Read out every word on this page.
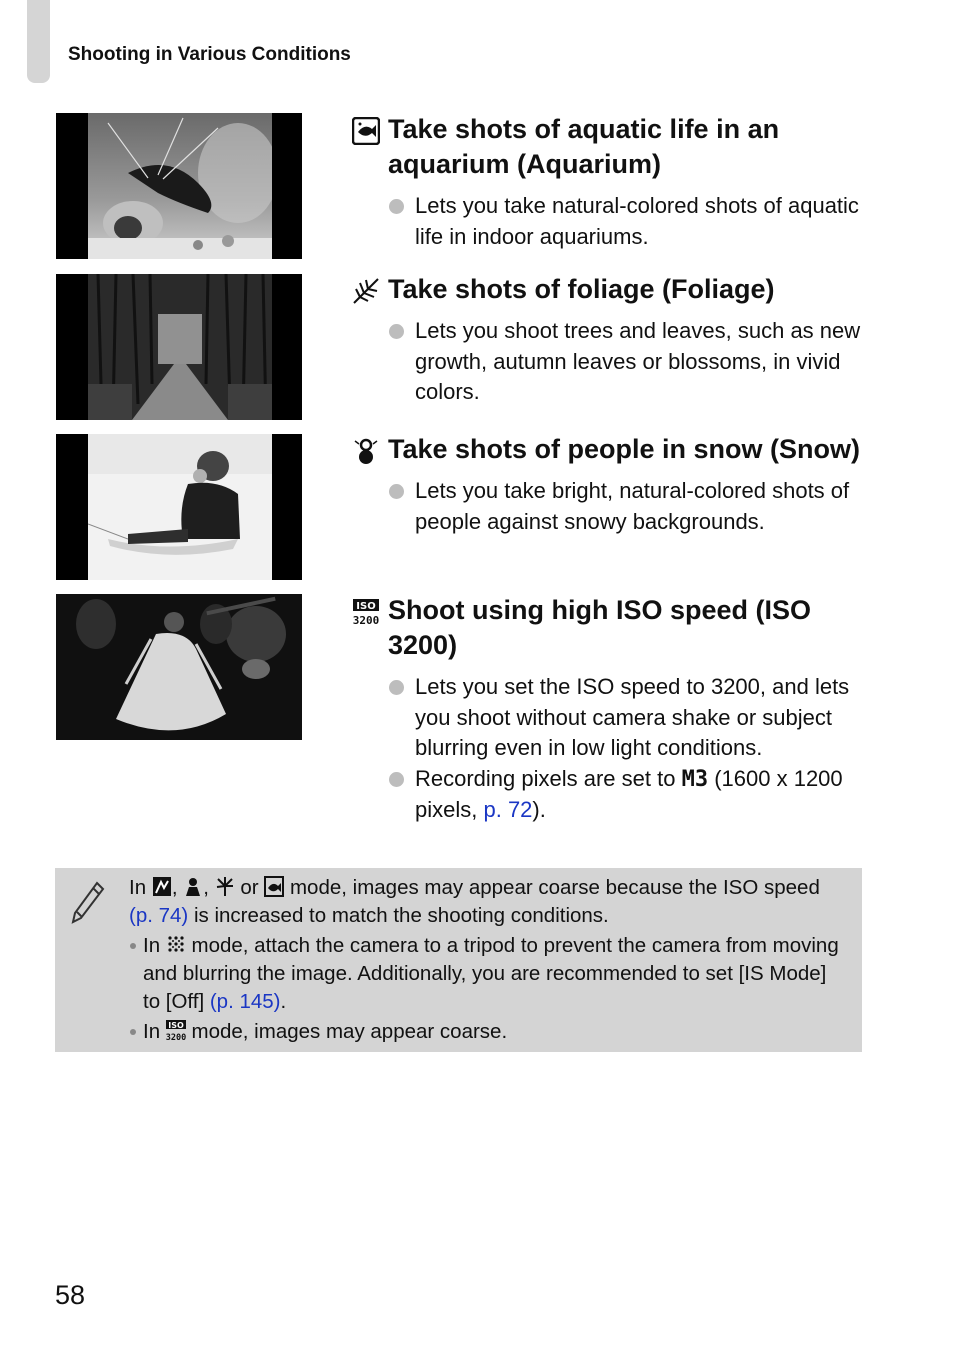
Shooting in Various Conditions
Take shots of aquatic life in an aquarium (Aquarium)
Lets you take natural-colored shots of aquatic life in indoor aquariums.
Take shots of foliage (Foliage)
Lets you shoot trees and leaves, such as new growth, autumn leaves or blossoms, in vivid colors.
Take shots of people in snow (Snow)
Lets you take bright, natural-colored shots of people against snowy backgrounds.
ISO
3200 Shoot using high ISO speed (ISO 3200)
Lets you set the ISO speed to 3200, and lets you shoot without camera shake or subject blurring even in low light conditions.
Recording pixels are set to M3 (1600 x 1200 pixels, p. 72).

In , , or mode, images may appear coarse because the ISO speed (p. 74) is increased to match the shooting conditions.

In mode, attach the camera to a tripod to prevent the camera from moving and blurring the image. Additionally, you are recommended to set [IS Mode] to [Off] (p. 145).
In ISO
3200 mode, images may appear coarse.
58
